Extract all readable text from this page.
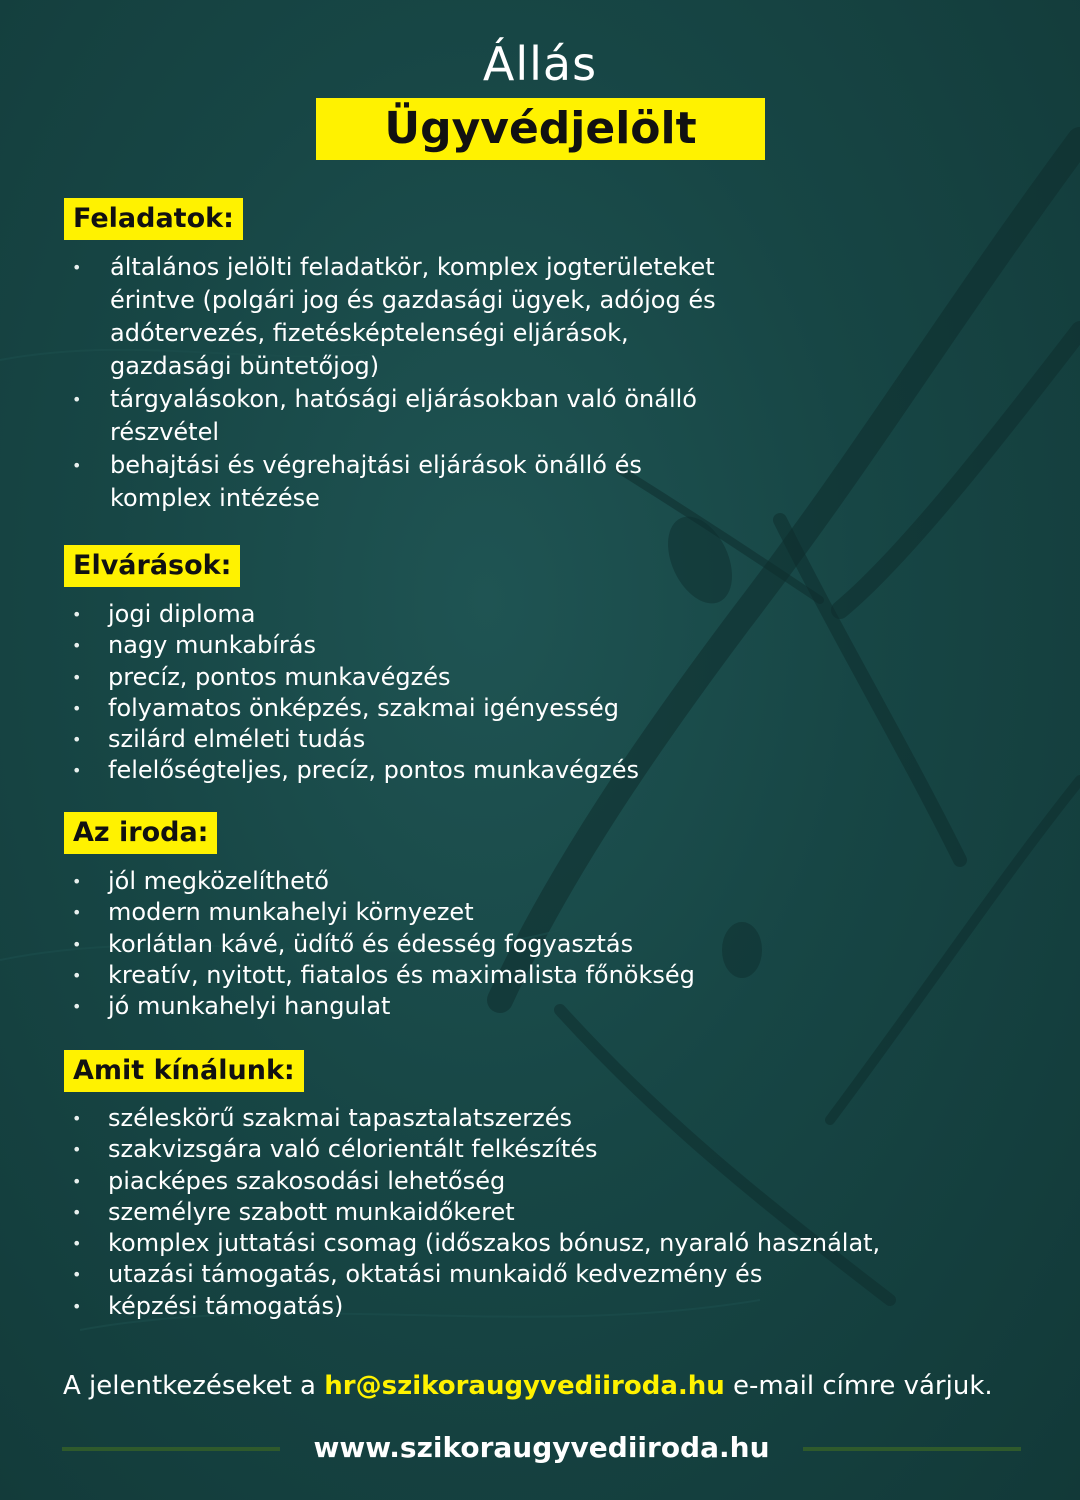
Állás
Ügyvédjelölt
Feladatok:
• általános jelölti feladatkör, komplex jogterületeket
érintve (polgári jog és gazdasági ügyek, adójog és
adótervezés, fizetésképtelenségi eljárások,
gazdasági büntetőjog)
• tárgyalásokon, hatósági eljárásokban való önálló
részvétel
• behajtási és végrehajtási eljárások önálló és
komplex intézése
Elvárások:
• jogi diploma
• nagy munkabírás
• precíz, pontos munkavégzés
• folyamatos önképzés, szakmai igényesség
• szilárd elméleti tudás
• felelőségteljes, precíz, pontos munkavégzés
Az iroda:
• jól megközelíthető
• modern munkahelyi környezet
• korlátlan kávé, üdítő és édesség fogyasztás
• kreatív, nyitott, fiatalos és maximalista főnökség
• jó munkahelyi hangulat
Amit kínálunk:
• széleskörű szakmai tapasztalatszerzés
• szakvizsgára való célorientált felkészítés
• piacképes szakosodási lehetőség
• személyre szabott munkaidőkeret
• komplex juttatási csomag (időszakos bónusz, nyaraló használat,
• utazási támogatás, oktatási munkaidő kedvezmény és
• képzési támogatás)
A jelentkezéseket a hr@szikoraugyvediiroda.hu e-mail címre várjuk.
www.szikoraugyvediiroda.hu
